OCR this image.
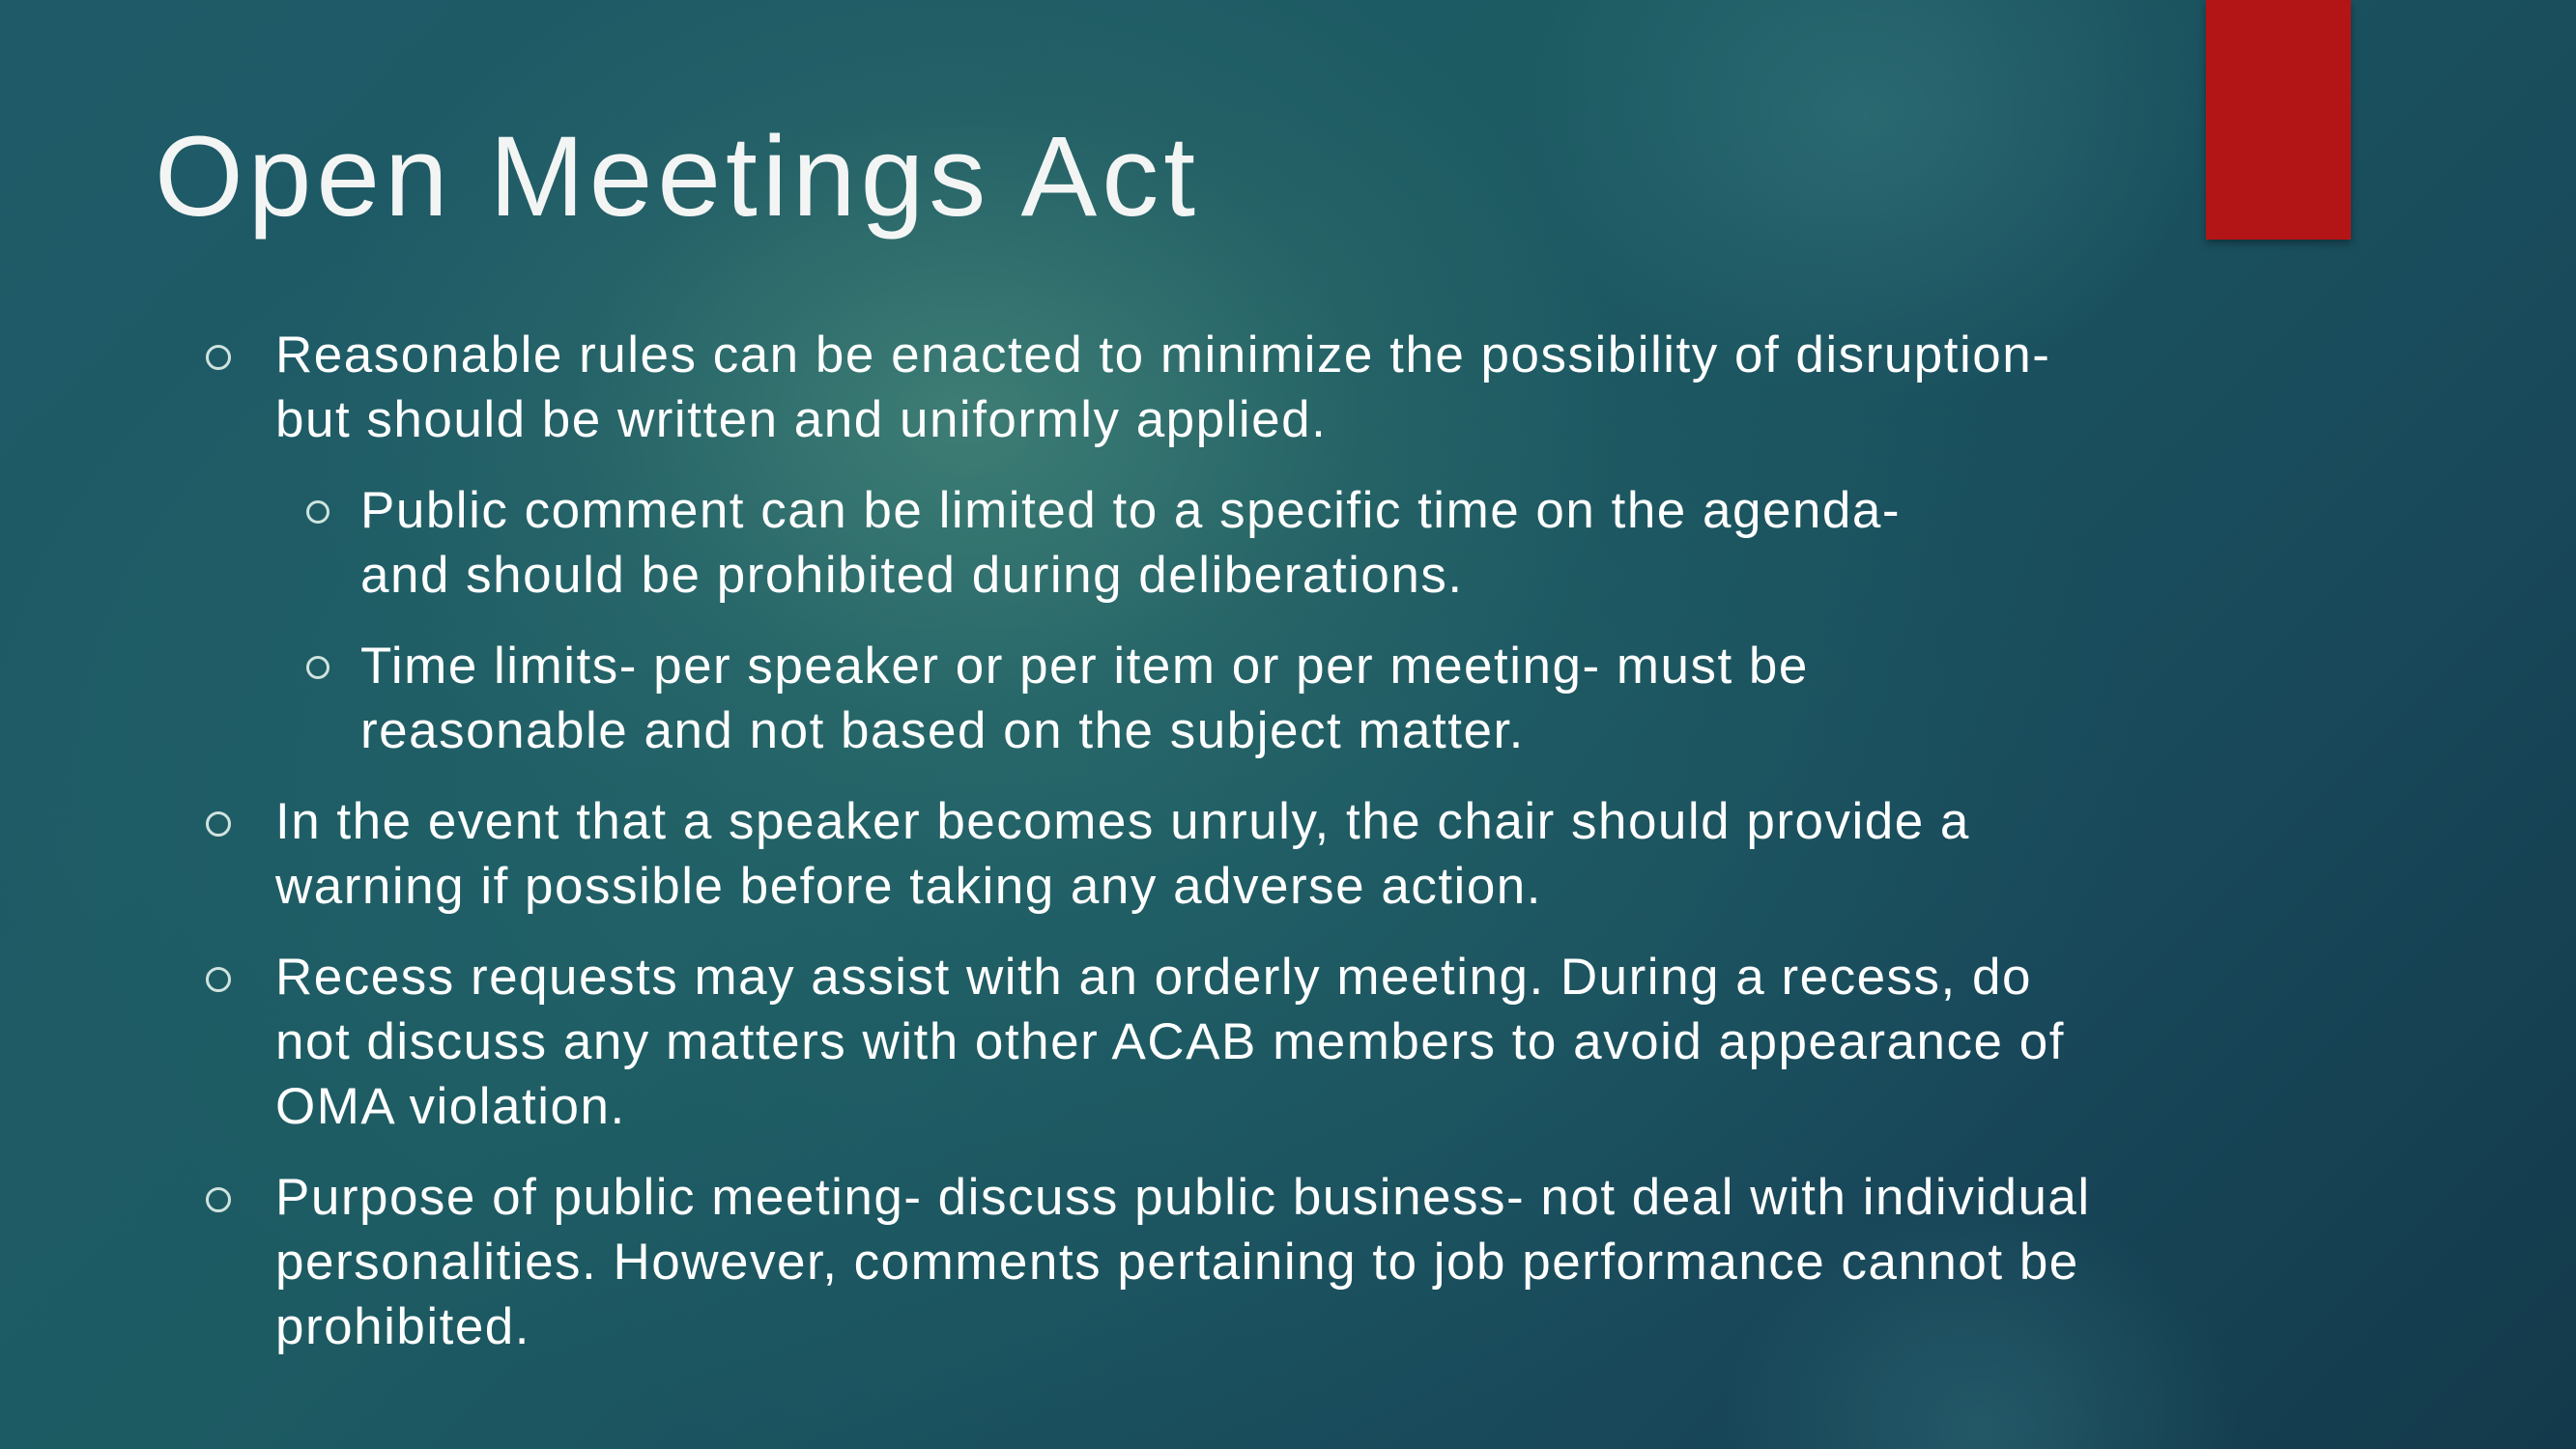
Open Meetings Act
Reasonable rules can be enacted to minimize the possibility of disruption- but should be written and uniformly applied.
Public comment can be limited to a specific time on the agenda- and should be prohibited during deliberations.
Time limits- per speaker or per item or per meeting- must be reasonable and not based on the subject matter.
In the event that a speaker becomes unruly, the chair should provide a warning if possible before taking any adverse action.
Recess requests may assist with an orderly meeting. During a recess, do not discuss any matters with other ACAB members to avoid appearance of OMA violation.
Purpose of public meeting- discuss public business- not deal with individual personalities. However, comments pertaining to job performance cannot be prohibited.
